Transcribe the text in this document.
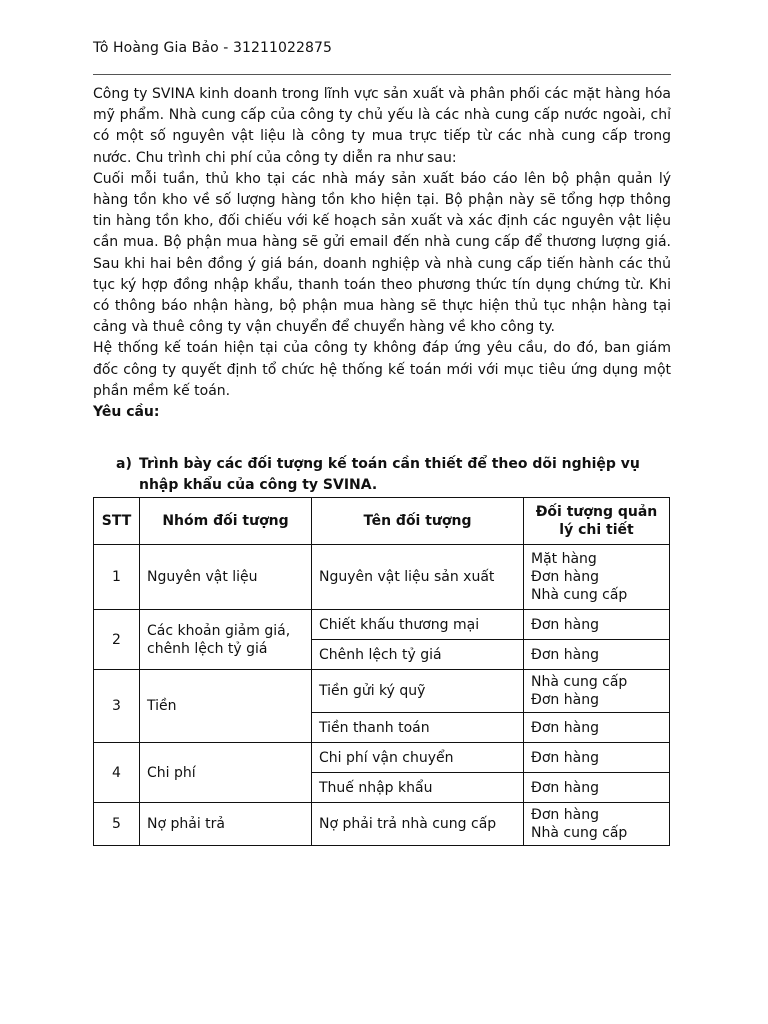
Tô Hoàng Gia Bảo - 31211022875

Công ty SVINA kinh doanh trong lĩnh vực sản xuất và phân phối các mặt hàng hóa mỹ phẩm. Nhà cung cấp của công ty chủ yếu là các nhà cung cấp nước ngoài, chỉ có một số nguyên vật liệu là công ty mua trực tiếp từ các nhà cung cấp trong nước. Chu trình chi phí của công ty diễn ra như sau:

Cuối mỗi tuần, thủ kho tại các nhà máy sản xuất báo cáo lên bộ phận quản lý hàng tồn kho về số lượng hàng tồn kho hiện tại. Bộ phận này sẽ tổng hợp thông tin hàng tồn kho, đối chiếu với kế hoạch sản xuất và xác định các nguyên vật liệu cần mua. Bộ phận mua hàng sẽ gửi email đến nhà cung cấp để thương lượng giá. Sau khi hai bên đồng ý giá bán, doanh nghiệp và nhà cung cấp tiến hành các thủ tục ký hợp đồng nhập khẩu, thanh toán theo phương thức tín dụng chứng từ. Khi có thông báo nhận hàng, bộ phận mua hàng sẽ thực hiện thủ tục nhận hàng tại cảng và thuê công ty vận chuyển để chuyển hàng về kho công ty.

Hệ thống kế toán hiện tại của công ty không đáp ứng yêu cầu, do đó, ban giám đốc công ty quyết định tổ chức hệ thống kế toán mới với mục tiêu ứng dụng một phần mềm kế toán.

Yêu cầu:

a) Trình bày các đối tượng kế toán cần thiết để theo dõi nghiệp vụ nhập khẩu của công ty SVINA.
STT	Nhóm đối tượng	Tên đối tượng	Đối tượng quản lý chi tiết
1	Nguyên vật liệu	Nguyên vật liệu sản xuất	Mặt hàng
Đơn hàng
Nhà cung cấp

2	Các khoản giảm giá, chênh lệch tỷ giá	Chiết khấu thương mại	Đơn hàng

		Chênh lệch tỷ giá	Đơn hàng

3	Tiền	Tiền gửi ký quỹ	Nhà cung cấp
Đơn hàng

		Tiền thanh toán	Đơn hàng

4	Chi phí	Chi phí vận chuyển	Đơn hàng

		Thuế nhập khẩu	Đơn hàng

5	Nợ phải trả	Nợ phải trả nhà cung cấp	Đơn hàng
Nhà cung cấp
